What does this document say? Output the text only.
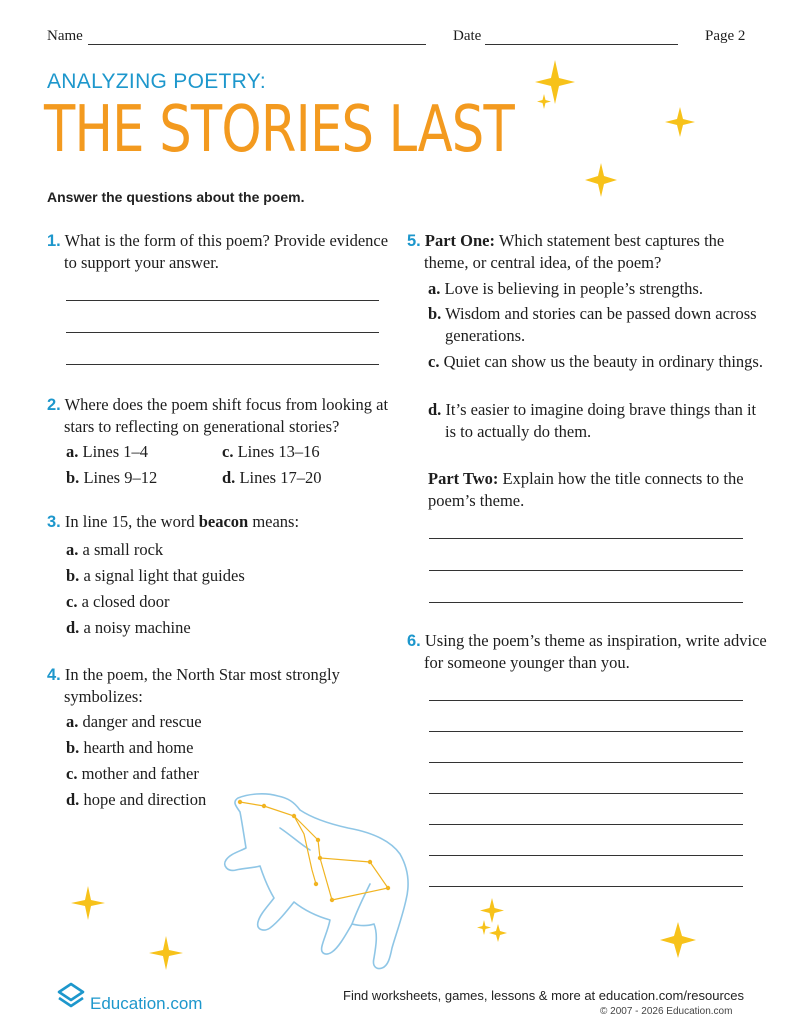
Name	Date	Page 2
ANALYZING POETRY:
THE STORIES LAST
Answer the questions about the poem.
1. What is the form of this poem? Provide evidence to support your answer.
2. Where does the poem shift focus from looking at stars to reflecting on generational stories?
a. Lines 1–4
b. Lines 9–12
c. Lines 13–16
d. Lines 17–20
3. In line 15, the word beacon means:
a. a small rock
b. a signal light that guides
c. a closed door
d. a noisy machine
4. In the poem, the North Star most strongly symbolizes:
a. danger and rescue
b. hearth and home
c. mother and father
d. hope and direction
5. Part One: Which statement best captures the theme, or central idea, of the poem?
a. Love is believing in people’s strengths.
b. Wisdom and stories can be passed down across generations.
c. Quiet can show us the beauty in ordinary things.
d. It’s easier to imagine doing brave things than it is to actually do them.
Part Two: Explain how the title connects to the poem’s theme.
6. Using the poem’s theme as inspiration, write advice for someone younger than you.
Education.com	Find worksheets, games, lessons & more at education.com/resources
© 2007 - 2026 Education.com
